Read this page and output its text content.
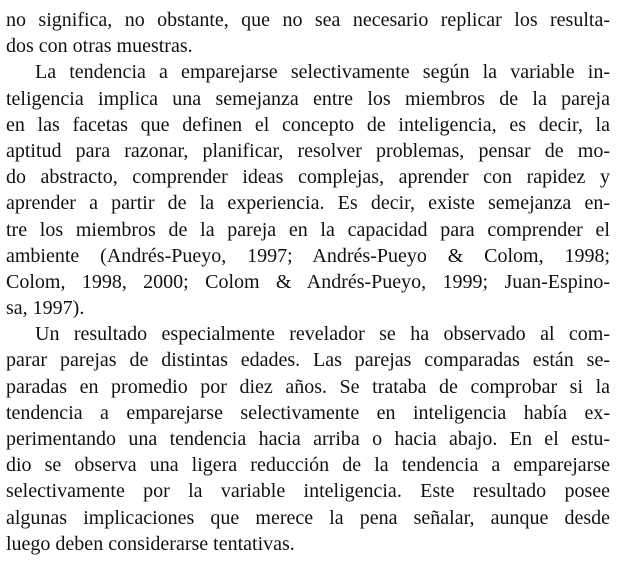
no significa, no obstante, que no sea necesario replicar los resulta-
dos con otras muestras.
La tendencia a emparejarse selectivamente según la variable in-
teligencia implica una semejanza entre los miembros de la pareja
en las facetas que definen el concepto de inteligencia, es decir, la
aptitud para razonar, planificar, resolver problemas, pensar de mo-
do abstracto, comprender ideas complejas, aprender con rapidez y
aprender a partir de la experiencia. Es decir, existe semejanza en-
tre los miembros de la pareja en la capacidad para comprender el
ambiente (Andrés-Pueyo, 1997; Andrés-Pueyo & Colom, 1998;
Colom, 1998, 2000; Colom & Andrés-Pueyo, 1999; Juan-Espino-
sa, 1997).
Un resultado especialmente revelador se ha observado al com-
parar parejas de distintas edades. Las parejas comparadas están se-
paradas en promedio por diez años. Se trataba de comprobar si la
tendencia a emparejarse selectivamente en inteligencia había ex-
perimentando una tendencia hacia arriba o hacia abajo. En el estu-
dio se observa una ligera reducción de la tendencia a emparejarse
selectivamente por la variable inteligencia. Este resultado posee
algunas implicaciones que merece la pena señalar, aunque desde
luego deben considerarse tentativas.
